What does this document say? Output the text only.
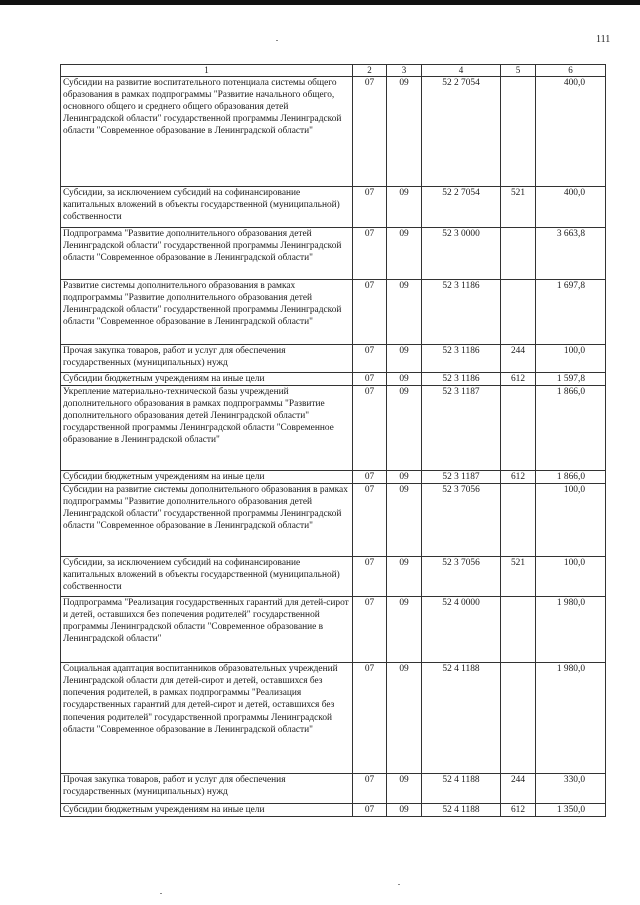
111
1	2	3	4	5	6
Субсидии на развитие воспитательного потенциала системы общего образования в рамках подпрограммы "Развитие начального общего, основного общего и среднего общего образования детей Ленинградской области" государственной программы Ленинградской области "Современное образование в Ленинградской области"	07	09	52 2 7054		400,0
Субсидии, за исключением субсидий на софинансирование капитальных вложений в объекты государственной (муниципальной) собственности	07	09	52 2 7054	521	400,0
Подпрограмма "Развитие дополнительного образования детей Ленинградской области" государственной программы Ленинградской области "Современное образование в Ленинградской области"	07	09	52 3 0000		3 663,8
Развитие системы дополнительного образования в рамках подпрограммы "Развитие дополнительного образования детей Ленинградской области" государственной программы Ленинградской области "Современное образование в Ленинградской области"	07	09	52 3 1186		1 697,8
Прочая закупка товаров, работ и услуг для обеспечения государственных (муниципальных) нужд	07	09	52 3 1186	244	100,0
Субсидии бюджетным учреждениям на иные цели	07	09	52 3 1186	612	1 597,8
Укрепление материально-технической базы учреждений дополнительного образования в рамках подпрограммы "Развитие дополнительного образования детей Ленинградской области" государственной программы Ленинградской области "Современное образование в Ленинградской области"	07	09	52 3 1187		1 866,0
Субсидии бюджетным учреждениям на иные цели	07	09	52 3 1187	612	1 866,0
Субсидии на развитие системы дополнительного образования в рамках подпрограммы "Развитие дополнительного образования детей Ленинградской области" государственной программы Ленинградской области "Современное образование в Ленинградской области"	07	09	52 3 7056		100,0
Субсидии, за исключением субсидий на софинансирование капитальных вложений в объекты государственной (муниципальной) собственности	07	09	52 3 7056	521	100,0
Подпрограмма "Реализация государственных гарантий для детей-сирот и детей, оставшихся без попечения родителей" государственной программы Ленинградской области "Современное образование в Ленинградской области"	07	09	52 4 0000		1 980,0
Социальная адаптация воспитанников образовательных учреждений Ленинградской области для детей-сирот и детей, оставшихся без попечения родителей, в рамках подпрограммы "Реализация государственных гарантий для детей-сирот и детей, оставшихся без попечения родителей" государственной программы Ленинградской области "Современное образование в Ленинградской области"	07	09	52 4 1188		1 980,0
Прочая закупка товаров, работ и услуг для обеспечения государственных (муниципальных) нужд	07	09	52 4 1188	244	330,0
Субсидии бюджетным учреждениям на иные цели	07	09	52 4 1188	612	1 350,0
